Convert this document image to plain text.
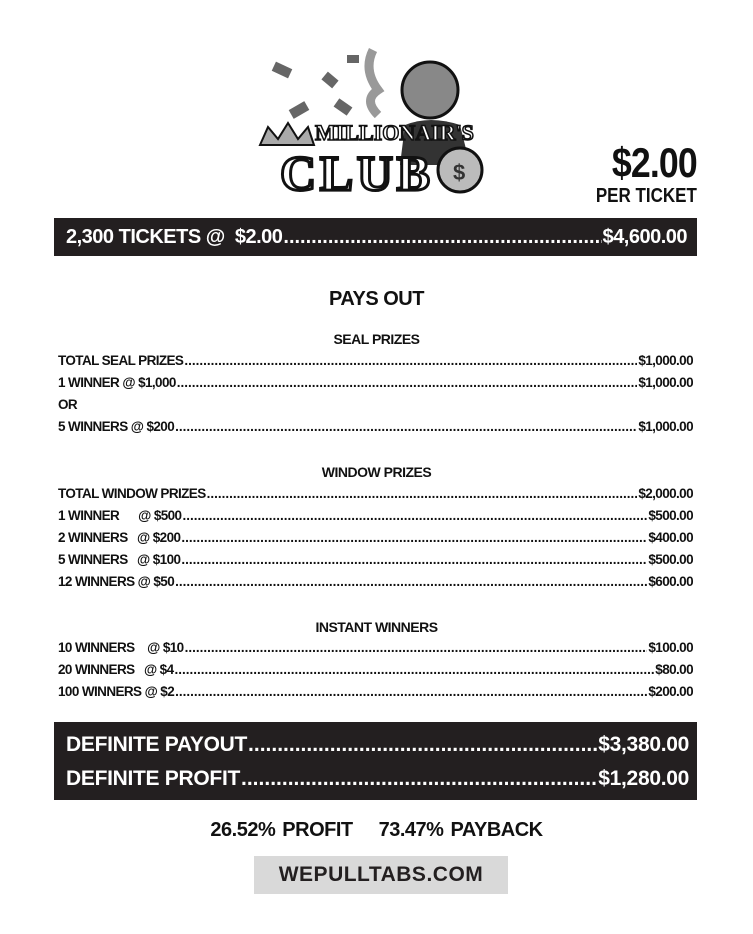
MILLIONAIR'S
CLUB $	$2.00
PER TICKET
2,300 TICKETS @  $2.00 .....	$4,600.00
PAYS OUT
SEAL PRIZES
TOTAL SEAL PRIZES .....	$1,000.00
1 WINNER @ $1,000 .....	$1,000.00
OR
5 WINNERS @ $200 .....	$1,000.00
WINDOW PRIZES
TOTAL WINDOW PRIZES .....	$2,000.00
1 WINNER      @ $500 .....	$500.00
2 WINNERS   @ $200 .....	$400.00
5 WINNERS   @ $100 .....	$500.00
12 WINNERS @ $50 .....	$600.00
INSTANT WINNERS
10 WINNERS    @ $10 .....	$100.00
20 WINNERS   @ $4 .....	$80.00
100 WINNERS @ $2 .....	$200.00
DEFINITE PAYOUT .....	$3,380.00
DEFINITE PROFIT .....	$1,280.00
26.52% PROFIT 73.47% PAYBACK
WEPULLTABS.COM
